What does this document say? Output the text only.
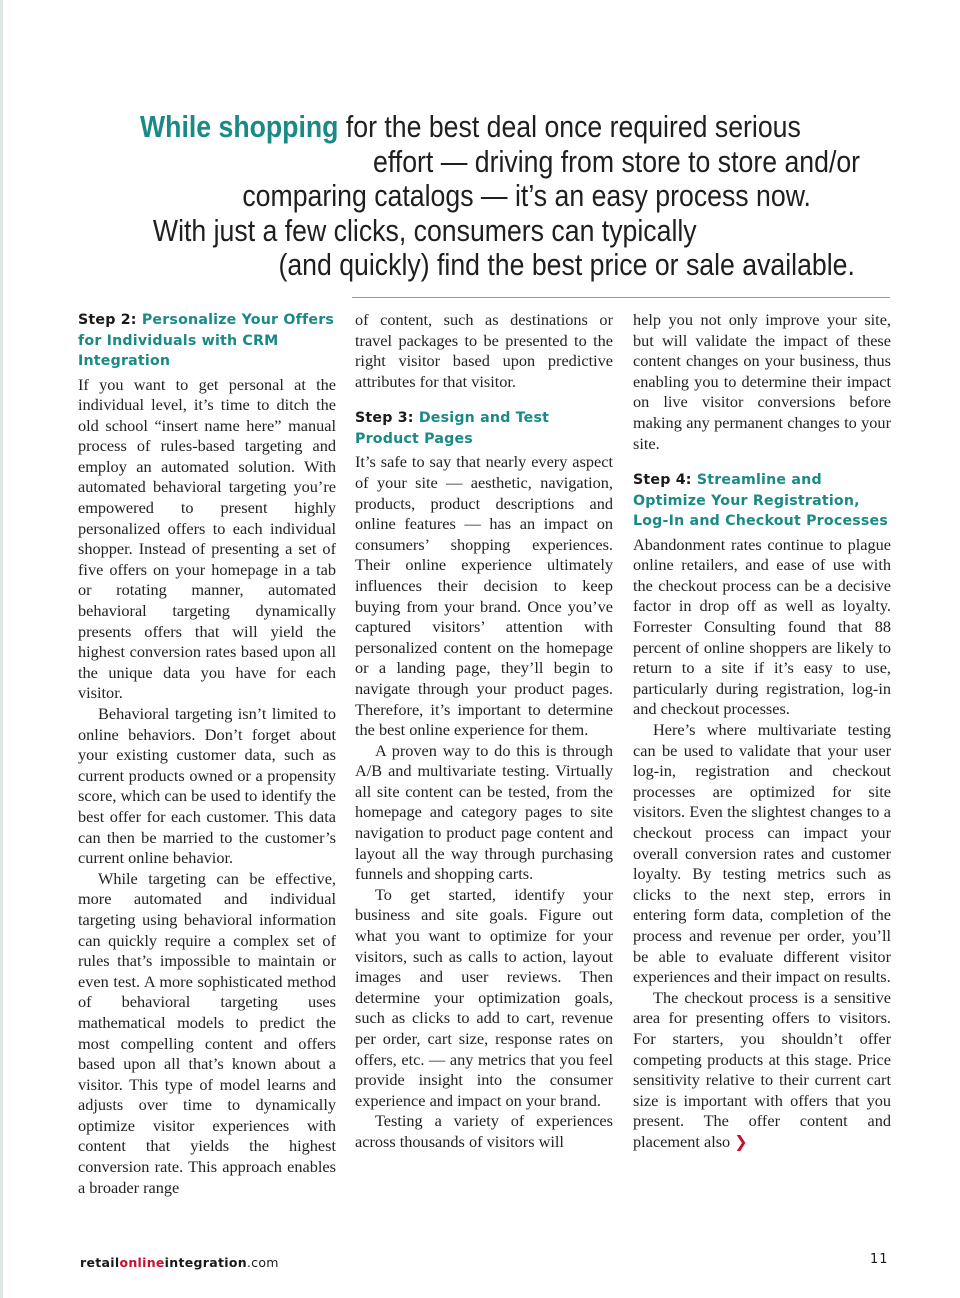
While shopping for the best deal once required serious
effort — driving from store to store and/or
comparing catalogs — it’s an easy process now.
With just a few clicks, consumers can typically
(and quickly) find the best price or sale available.
Step 2: Personalize Your Offers for Individuals with CRM Integration

If you want to get personal at the individual level, it’s time to ditch the old school “insert name here” manual process of rules-based targeting and employ an automated solution. With automated behavioral targeting you’re empowered to present highly personalized offers to each individual shopper. Instead of presenting a set of five offers on your homepage in a tab or rotating manner, automated behavioral targeting dynamically presents offers that will yield the highest conversion rates based upon all the unique data you have for each visitor.

Behavioral targeting isn’t limited to online behaviors. Don’t forget about your existing customer data, such as current products owned or a propensity score, which can be used to identify the best offer for each customer. This data can then be married to the customer’s current online behavior.

While targeting can be effective, more automated and individual targeting using behavioral information can quickly require a complex set of rules that’s impossible to maintain or even test. A more sophisticated method of behavioral targeting uses mathematical models to predict the most compelling content and offers based upon all that’s known about a visitor. This type of model learns and adjusts over time to dynamically optimize visitor experiences with content that yields the highest conversion rate. This approach enables a broader range

of content, such as destinations or travel packages to be presented to the right visitor based upon predictive attributes for that visitor.

Step 3: Design and Test Product Pages

It’s safe to say that nearly every aspect of your site — aesthetic, navigation, products, product descriptions and online features — has an impact on consumers’ shopping experiences. Their online experience ultimately influences their decision to keep buying from your brand. Once you’ve captured visitors’ attention with personalized content on the homepage or a landing page, they’ll begin to navigate through your product pages. Therefore, it’s important to determine the best online experience for them.

A proven way to do this is through A/B and multivariate testing. Virtually all site content can be tested, from the homepage and category pages to site navigation to product page content and layout all the way through purchasing funnels and shopping carts.

To get started, identify your business and site goals. Figure out what you want to optimize for your visitors, such as calls to action, layout images and user reviews. Then determine your optimization goals, such as clicks to add to cart, revenue per order, cart size, response rates on offers, etc. — any metrics that you feel provide insight into the consumer experience and impact on your brand.

Testing a variety of experiences across thousands of visitors will

help you not only improve your site, but will validate the impact of these content changes on your business, thus enabling you to determine their impact on live visitor conversions before making any permanent changes to your site.

Step 4: Streamline and Optimize Your Registration, Log-In and Checkout Processes

Abandonment rates continue to plague online retailers, and ease of use with the checkout process can be a decisive factor in drop off as well as loyalty. Forrester Consulting found that 88 percent of online shoppers are likely to return to a site if it’s easy to use, particularly during registration, log-in and checkout processes.

Here’s where multivariate testing can be used to validate that your user log-in, registration and checkout processes are optimized for site visitors. Even the slightest changes to a checkout process can impact your overall conversion rates and customer loyalty. By testing metrics such as clicks to the next step, errors in entering form data, completion of the process and revenue per order, you’ll be able to evaluate different visitor experiences and their impact on results.

The checkout process is a sensitive area for presenting offers to visitors. For starters, you shouldn’t offer competing products at this stage. Price sensitivity relative to their current cart size is important with offers that you present. The offer content and placement also ❯

retailonlineintegration.com	11
